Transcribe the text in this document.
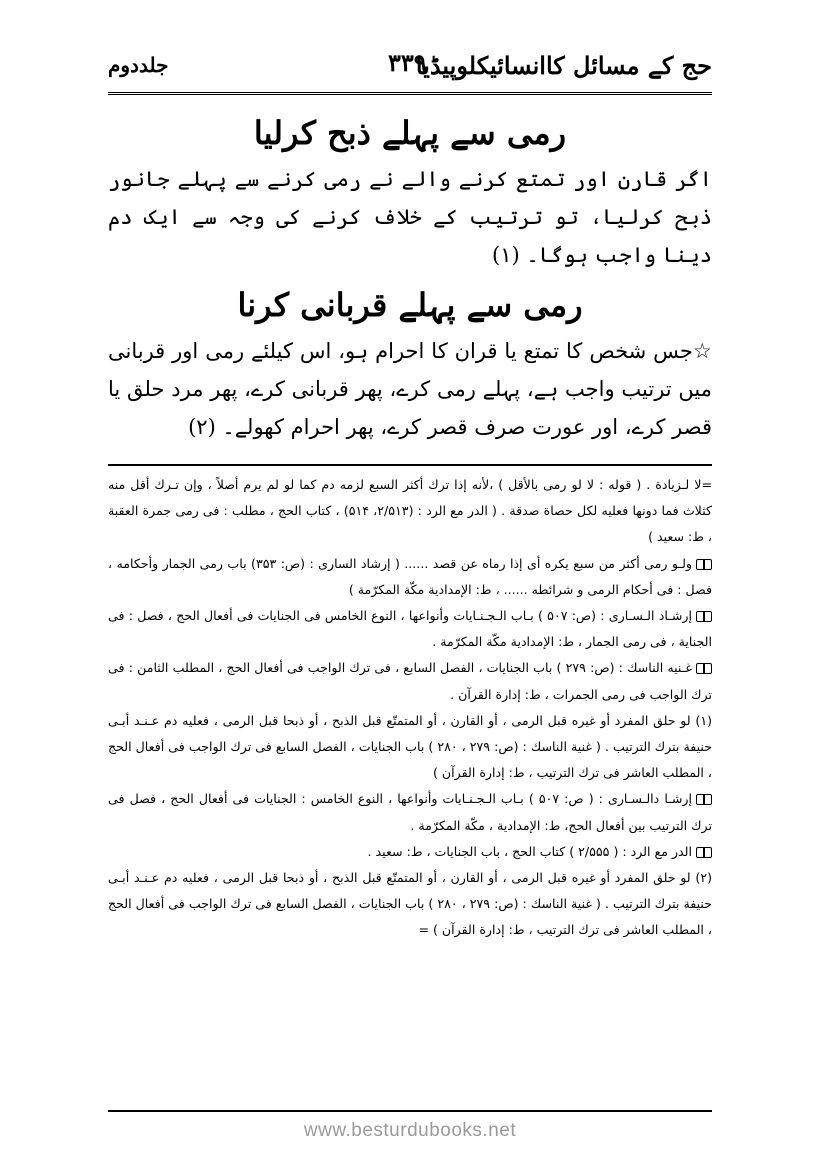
حج کے مسائل کاانسائیکلوپیڈیا
جلددوم	۳۳۹
رمی سے پہلے ذبح کرلیا

اگر قارن اور تمتع کرنے والے نے رمی کرنے سے پہلے جانور ذبح کرلیا، تو ترتیب کے خلاف کرنے کی وجہ سے ایک دم دینا واجب ہوگا۔ (۱)

رمی سے پہلے قربانی کرنا

☆جس شخص کا تمتع یا قران کا احرام ہو، اس کیلئے رمی اور قربانی میں ترتیب واجب ہے، پہلے رمی کرے، پھر قربانی کرے، پھر مرد حلق یا قصر کرے، اور عورت صرف قصر کرے، پھر احرام کھولے۔ (۲)

=لا لـزيادة . ( قوله : لا لو رمى بالأقل ) ،لأنه إذا ترك أكثر السبع لزمه دم كما لو لم يرم أصلاً ، وإن تـرك أقل منه كثلاث فما دونها فعليه لكل حصاة صدقة . ( الدر مع الرد : (۲/۵۱۳، ۵۱۴) ، كتاب الحج ، مطلب : فى رمى جمرة العقبة ، ط: سعيد )

ولـو رمى أكثر من سبع يكره أى إذا رماه عن قصد ...... ( إرشاد السارى : (ص: ۳۵۳) باب رمى الجمار وأحكامه ، فصل : فى أحكام الرمى و شرائطه ...... ، ط: الإمدادية مكّة المكرّمة )

إرشـاد الـسـارى : (ص: ۵۰۷ ) بـاب الـجـنـايات وأنواعها ، النوع الخامس فى الجنايات فى أفعال الحج ، فصل : فى الجناية ، فى رمى الجمار ، ط: الإمدادية مكّة المكرّمة .

غـنيه الناسك : (ص: ۲۷۹ ) باب الجنايات ، الفصل السابع ، فى ترك الواجب فى أفعال الحج ، المطلب الثامن : فى ترك الواجب فى رمى الجمرات ، ط: إدارة القرآن .

(۱) لو حلق المفرد أو غيره قبل الرمى ، أو القارن ، أو المتمتّع قبل الذبح ، أو ذبحا قبل الرمى ، فعليه دم عـنـد أبـى حنيفة بترك الترتيب . ( غنية الناسك : (ص: ۲۷۹ ، ۲۸۰ ) باب الجنايات ، الفصل السابع فى ترك الواجب فى أفعال الحج ، المطلب العاشر فى ترك الترتيب ، ط: إدارة القرآن )

إرشـا دالـسـارى : ( ص: ۵۰۷ ) بـاب الـجـنـايات وأنواعها ، النوع الخامس : الجنايات فى أفعال الحج ، فصل فى ترك الترتيب بين أفعال الحج، ط: الإمدادية ، مكّة المكرّمة .

الدر مع الرد : ( ۲/۵۵۵ ) كتاب الحج ، باب الجنايات ، ط: سعيد .

(۲) لو حلق المفرد أو غيره قبل الرمى ، أو القارن ، أو المتمتّع قبل الذبح ، أو ذبحا قبل الرمى ، فعليه دم عـنـد أبـى حنيفة بترك الترتيب . ( غنية الناسك : (ص: ۲۷۹ ، ۲۸۰ ) باب الجنايات ، الفصل السابع فى ترك الواجب فى أفعال الحج ، المطلب العاشر فى ترك الترتيب ، ط: إدارة القرآن ) =

www.besturdubooks.net
